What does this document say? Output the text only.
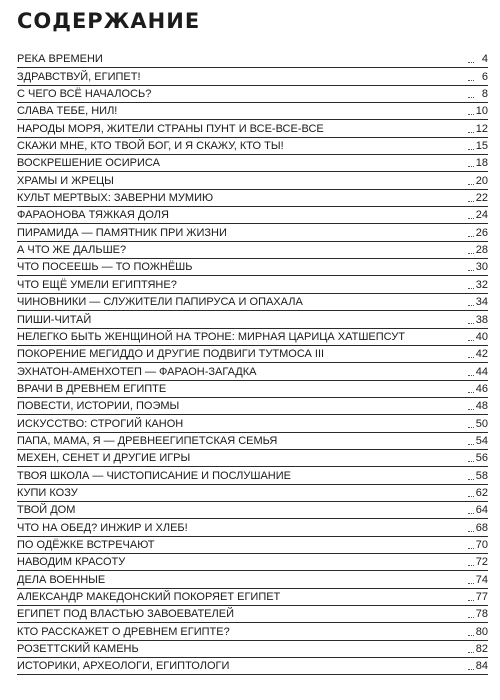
СОДЕРЖАНИЕ
РЕКА ВРЕМЕНИ	4
ЗДРАВСТВУЙ, ЕГИПЕТ!	6
С ЧЕГО ВСЁ НАЧАЛОСЬ?	8
СЛАВА ТЕБЕ, НИЛ!	10
НАРОДЫ МОРЯ, ЖИТЕЛИ СТРАНЫ ПУНТ И ВСЕ-ВСЕ-ВСЕ	12
СКАЖИ МНЕ, КТО ТВОЙ БОГ, И Я СКАЖУ, КТО ТЫ!	15
ВОСКРЕШЕНИЕ ОСИРИСА	18
ХРАМЫ И ЖРЕЦЫ	20
КУЛЬТ МЕРТВЫХ: ЗАВЕРНИ МУМИЮ	22
ФАРАОНОВА ТЯЖКАЯ ДОЛЯ	24
ПИРАМИДА — ПАМЯТНИК ПРИ ЖИЗНИ	26
А ЧТО ЖЕ ДАЛЬШЕ?	28
ЧТО ПОСЕЕШЬ — ТО ПОЖНЁШЬ	30
ЧТО ЕЩЁ УМЕЛИ ЕГИПТЯНЕ?	32
ЧИНОВНИКИ — СЛУЖИТЕЛИ ПАПИРУСА И ОПАХАЛА	34
ПИШИ-ЧИТАЙ	38
НЕЛЕГКО БЫТЬ ЖЕНЩИНОЙ НА ТРОНЕ: МИРНАЯ ЦАРИЦА ХАТШЕПСУТ	40
ПОКОРЕНИЕ МЕГИДДО И ДРУГИЕ ПОДВИГИ ТУТМОСА III	42
ЭХНАТОН-АМЕНХОТЕП — ФАРАОН-ЗАГАДКА	44
ВРАЧИ В ДРЕВНЕМ ЕГИПТЕ	46
ПОВЕСТИ, ИСТОРИИ, ПОЭМЫ	48
ИСКУССТВО: СТРОГИЙ КАНОН	50
ПАПА, МАМА, Я — ДРЕВНЕЕГИПЕТСКАЯ СЕМЬЯ	54
МЕХЕН, СЕНЕТ И ДРУГИЕ ИГРЫ	56
ТВОЯ ШКОЛА — ЧИСТОПИСАНИЕ И ПОСЛУШАНИЕ	58
КУПИ КОЗУ	62
ТВОЙ ДОМ	64
ЧТО НА ОБЕД? ИНЖИР И ХЛЕБ!	68
ПО ОДЁЖКЕ ВСТРЕЧАЮТ	70
НАВОДИМ КРАСОТУ	72
ДЕЛА ВОЕННЫЕ	74
АЛЕКСАНДР МАКЕДОНСКИЙ ПОКОРЯЕТ ЕГИПЕТ	77
ЕГИПЕТ ПОД ВЛАСТЬЮ ЗАВОЕВАТЕЛЕЙ	78
КТО РАССКАЖЕТ О ДРЕВНЕМ ЕГИПТЕ?	80
РОЗЕТТСКИЙ КАМЕНЬ	82
ИСТОРИКИ, АРХЕОЛОГИ, ЕГИПТОЛОГИ	84
